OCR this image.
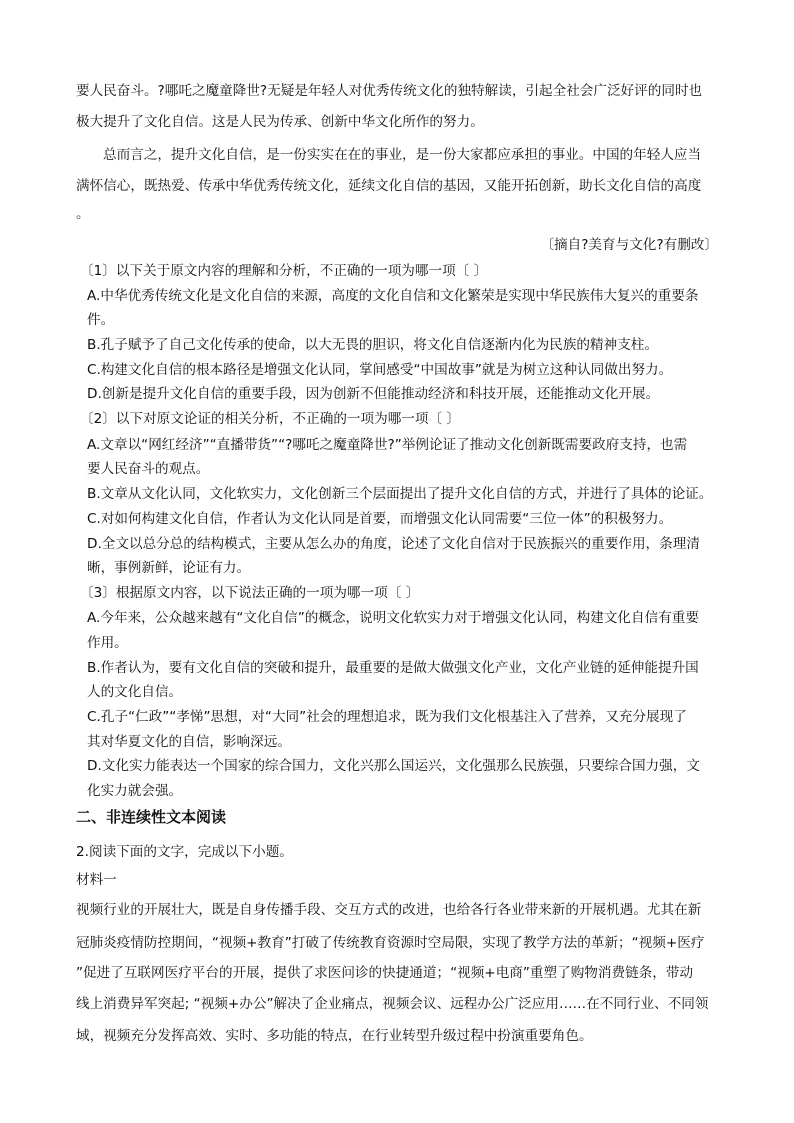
要人民奋斗。?哪吒之魔童降世?无疑是年轻人对优秀传统文化的独特解读，引起全社会广泛好评的同时也
极大提升了文化自信。这是人民为传承、创新中华文化所作的努力。
总而言之，提升文化自信，是一份实实在在的事业，是一份大家都应承担的事业。中国的年轻人应当
满怀信心，既热爱、传承中华优秀传统文化，延续文化自信的基因，又能开拓创新，助长文化自信的高度
。
〔摘自?美育与文化?有删改〕
〔1〕以下关于原文内容的理解和分析，不正确的一项为哪一项〔 〕
A.中华优秀传统文化是文化自信的来源，高度的文化自信和文化繁荣是实现中华民族伟大复兴的重要条
件。
B.孔子赋予了自己文化传承的使命，以大无畏的胆识，将文化自信逐渐内化为民族的精神支柱。
C.构建文化自信的根本路径是增强文化认同，掌间感受“中国故事”就是为树立这种认同做出努力。
D.创新是提升文化自信的重要手段，因为创新不但能推动经济和科技开展，还能推动文化开展。
〔2〕以下对原文论证的相关分析，不正确的一项为哪一项〔 〕
A.文章以“网红经济”“直播带货”“?哪吒之魔童降世?”举例论证了推动文化创新既需要政府支持，也需
要人民奋斗的观点。
B.文章从文化认同，文化软实力，文化创新三个层面提出了提升文化自信的方式，并进行了具体的论证。
C.对如何构建文化自信，作者认为文化认同是首要，而增强文化认同需要“三位一体”的积极努力。
D.全文以总分总的结构模式，主要从怎么办的角度，论述了文化自信对于民族振兴的重要作用，条理清
晰，事例新鲜，论证有力。
〔3〕根据原文内容，以下说法正确的一项为哪一项〔 〕
A.今年来，公众越来越有“文化自信”的概念，说明文化软实力对于增强文化认同，构建文化自信有重要
作用。
B.作者认为，要有文化自信的突破和提升，最重要的是做大做强文化产业，文化产业链的延伸能提升国
人的文化自信。
C.孔子“仁政”“孝悌”思想，对“大同”社会的理想追求，既为我们文化根基注入了营养，又充分展现了
其对华夏文化的自信，影响深远。
D.文化实力能表达一个国家的综合国力，文化兴那么国运兴，文化强那么民族强，只要综合国力强，文
化实力就会强。
二、非连续性文本阅读
2.阅读下面的文字，完成以下小题。
材料一
视频行业的开展壮大，既是自身传播手段、交互方式的改进，也给各行各业带来新的开展机遇。尤其在新
冠肺炎疫情防控期间，“视频+教育”打破了传统教育资源时空局限，实现了教学方法的革新；“视频+医疗
”促进了互联网医疗平台的开展，提供了求医问诊的快捷通道；“视频+电商”重塑了购物消费链条，带动
线上消费异军突起; “视频+办公”解决了企业痛点，视频会议、远程办公广泛应用……在不同行业、不同领
域，视频充分发挥高效、实时、多功能的特点，在行业转型升级过程中扮演重要角色。
